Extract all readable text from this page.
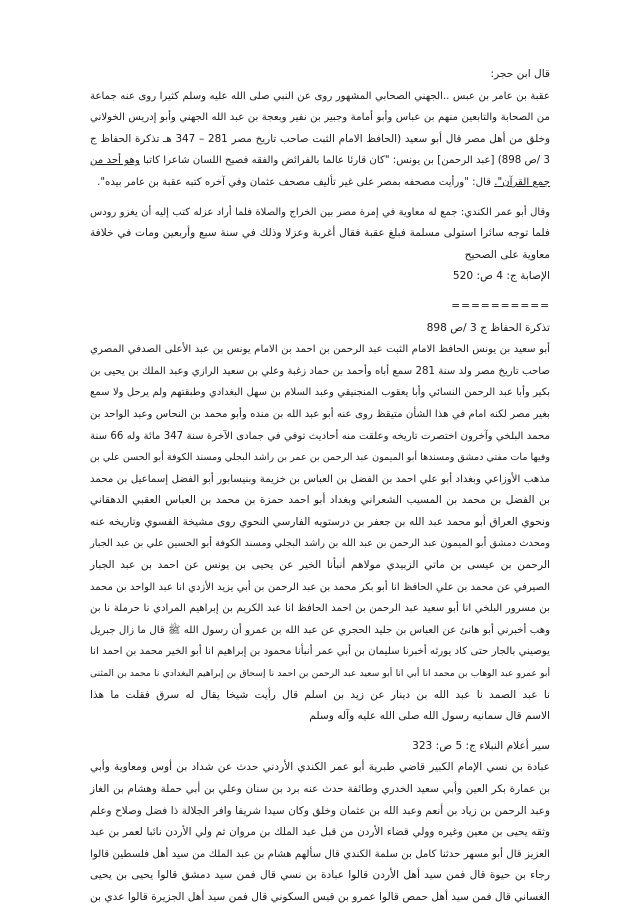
قال ابن حجر:
عقبة بن عامر بن عبس ..الجهني الصحابي المشهور روى عن النبي صلى الله عليه وسلم كثيرا روى عنه جماعة
من الصحابة والتابعين منهم بن عباس وأبو أمامة وجبير بن نفير وبعجة بن عبد الله الجهني وأبو إدريس الخولاني
وخلق من أهل مصر قال أبو سعيد (الحافظ الامام الثبت صاحب تاريخ مصر 281 – 347 هـ تذكرة الحفاظ ج
3 /ص 898) [عبد الرحمن] بن يونس: "كان قارئا عالما بالفرائض والفقه فصيح اللسان شاعرا كاتبا وهو أحد من
جمع القرآن". قال: "ورأيت مصحفه بمصر على غير تأليف مصحف عثمان وفي آخره كتبه عقبة بن عامر بيده".
وقال أبو عمر الكندي: جمع له معاوية في إمرة مصر بين الخراج والصلاة فلما أراد عزله كتب إليه أن يغزو رودس
فلما توجه سائرا استولى مسلمة فبلغ عقبة فقال أغربة وعزلا وذلك في سنة سبع وأربعين ومات في خلافة
معاوية على الصحيح
الإصابة ج: 4 ص: 520
==========
تذكرة الحفاظ ج 3 /ص 898
أبو سعيد بن يونس الحافظ الامام الثبت عبد الرحمن بن احمد بن الامام يونس بن عبد الأعلى الصدفي المصري
صاحب تاريخ مصر ولد سنة 281 سمع أباه وأحمد بن حماد زغبة وعلي بن سعيد الرازي وعبد الملك بن يحيى بن
بكير وأبا عبد الرحمن النسائي وأبا يعقوب المنجنيقي وعبد السلام بن سهل البغدادي وطبقتهم ولم يرحل ولا سمع
بغير مصر لكنه امام في هذا الشأن متيقظ روى عنه أبو عبد الله بن منده وأبو محمد بن النحاس وعبد الواحد بن
محمد البلخي وآخرون اختصرت تاريخه وعلقت منه أحاديث توفي في جمادى الآخرة سنة 347 مائة وله 66 سنة
وفيها مات مفتي دمشق ومسندها أبو الميمون عبد الرحمن بن عمر بن راشد البجلي ومسند الكوفة أبو الحسن علي بن
مذهب الأوزاعي وبغداد أبو علي احمد بن الفضل بن العباس بن خزيمة وبنيسابور أبو الفضل إسماعيل بن محمد
بن الفضل بن محمد بن المسيب الشعراني وبغداد أبو احمد حمزة بن محمد بن العباس العقبي الدهقاني
ونحوي العراق أبو محمد عبد الله بن جعفر بن درستويه الفارسي النحوي روى مشيخة الفسوي وتاريخه عنه
ومحدث دمشق أبو الميمون عبد الرحمن بن عبد الله بن راشد البجلي ومسند الكوفة أبو الحسين علي بن عبد الجبار
الرحمن بن عيسى بن ماتي الزبيدي مولاهم أنبأنا الخير عن يحيى بن يونس عن احمد بن عبد الجبار
الصيرفي عن محمد بن علي الحافظ انا أبو بكر محمد بن عبد الرحمن بن أبي يزيد الأزدي انا عبد الواحد بن محمد
بن مسرور البلخي انا أبو سعيد عبد الرحمن بن احمد الحافظ انا عبد الكريم بن إبراهيم المرادي نا حرملة نا بن
وهب أخبرني أبو هانئ عن العباس بن جليد الحجري عن عبد الله بن عمرو أن رسول الله ﷺ قال ما زال جبريل
يوصيني بالجار حتى كاد يورثه أخبرنا سليمان بن أبي عمر أنبأنا محمود بن إبراهيم انا أبو الخير محمد بن احمد انا
أبو عمرو عبد الوهاب بن محمد انا أبي انا أبو سعيد عبد الرحمن بن احمد نا إسحاق بن إبراهيم البغدادي نا محمد بن المثنى
نا عبد الصمد نا عبد الله بن دينار عن زيد بن اسلم قال رأيت شيخا يقال له سرق فقلت ما هذا
الاسم قال سمانيه رسول الله صلى الله عليه وآله وسلم
سير أعلام النبلاء ج: 5 ص: 323
عبادة بن نسي الإمام الكبير قاضي طبرية أبو عمر الكندي الأردني حدث عن شداد بن أوس ومعاوية وأبي
بن عمارة بكر العين وأبي سعيد الخدري وطائفة حدث عنه برد بن سنان وعلي بن أبي حملة وهشام بن الغاز
وعبد الرحمن بن زياد بن أنعم وعبد الله بن عثمان وخلق وكان سيدا شريفا وافر الجلالة ذا فضل وصلاح وعلم
وثقه يحيى بن معين وغيره وولي قضاء الأردن من قبل عبد الملك بن مروان ثم ولي الأردن نائبا لعمر بن عبد
العزيز قال أبو مسهر حدثنا كامل بن سلمة الكندي قال سألهم هشام بن عبد الملك من سيد أهل فلسطين قالوا
رجاء بن حيوة قال فمن سيد أهل الأردن قالوا عبادة بن نسي قال فمن سيد دمشق قالوا يحيى بن يحيى
الغساني قال فمن سيد أهل حمص قالوا عمرو بن قيس السكوني قال فمن سيد أهل الجزيرة قالوا عدي بن
